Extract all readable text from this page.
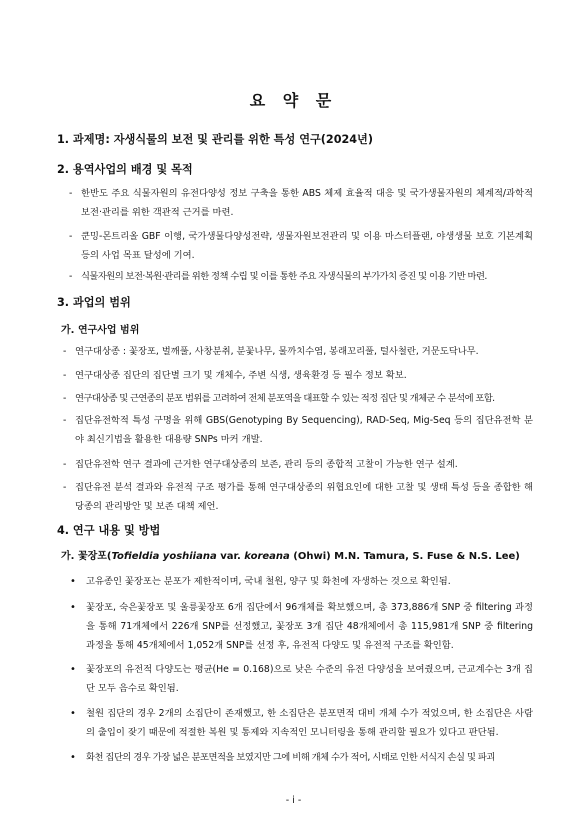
요 약 문
1. 과제명: 자생식물의 보전 및 관리를 위한 특성 연구(2024년)
2. 용역사업의 배경 및 목적
- 한반도 주요 식물자원의 유전다양성 정보 구축을 통한 ABS 체제 효율적 대응 및 국가생물자원의 체계적/과학적 보전·관리를 위한 객관적 근거를 마련.
- 쿤밍-몬트리올 GBF 이행, 국가생물다양성전략, 생물자원보전관리 및 이용 마스터플랜, 야생생물 보호 기본계획 등의 사업 목표 달성에 기여.
- 식물자원의 보전·복원·관리를 위한 정책 수립 및 이를 통한 주요 자생식물의 부가가치 증진 및 이용 기반 마련.
3. 과업의 범위
가. 연구사업 범위
- 연구대상종 : 꽃장포, 벌깨풀, 사창분취, 분꽃나무, 물까치수염, 봉래꼬리풀, 털사철란, 거문도닥나무.
- 연구대상종 집단의 집단별 크기 및 개체수, 주변 식생, 생육환경 등 필수 정보 확보.
- 연구대상종 및 근연종의 분포 범위를 고려하여 전체 분포역을 대표할 수 있는 적정 집단 및 개체군 수 분석에 포함.
- 집단유전학적 특성 구명을 위해 GBS(Genotyping By Sequencing), RAD-Seq, Mig-Seq 등의 집단유전학 분야 최신기법을 활용한 대용량 SNPs 마커 개발.
- 집단유전학 연구 결과에 근거한 연구대상종의 보존, 관리 등의 종합적 고찰이 가능한 연구 설계.
- 집단유전 분석 결과와 유전적 구조 평가를 통해 연구대상종의 위협요인에 대한 고찰 및 생태 특성 등을 종합한 해당종의 관리방안 및 보존 대책 제언.
4. 연구 내용 및 방법
가. 꽃장포(Tofieldia yoshiiana var. koreana (Ohwi) M.N. Tamura, S. Fuse & N.S. Lee)
•	고유종인 꽃장포는 분포가 제한적이며, 국내 철원, 양구 및 화천에 자생하는 것으로 확인됨.
•	꽃장포, 숙은꽃장포 및 울릉꽃장포 6개 집단에서 96개체를 확보했으며, 총 373,886개 SNP 중 filtering 과정을 통해 71개체에서 226개 SNP를 선정했고, 꽃장포 3개 집단 48개체에서 총 115,981개 SNP 중 filtering 과정을 통해 45개체에서 1,052개 SNP를 선정 후, 유전적 다양도 및 유전적 구조를 확인함.
•	꽃장포의 유전적 다양도는 평균(He = 0.168)으로 낮은 수준의 유전 다양성을 보여줬으며, 근교계수는 3개 집단 모두 음수로 확인됨.
•	철원 집단의 경우 2개의 소집단이 존재했고, 한 소집단은 분포면적 대비 개체 수가 적었으며, 한 소집단은 사람의 출입이 잦기 때문에 적절한 복원 및 통제와 지속적인 모니터링을 통해 관리할 필요가 있다고 판단됨.
•	화천 집단의 경우 가장 넓은 분포면적을 보였지만 그에 비해 개체 수가 적어, 시태로 인한 서식지 손실 및 파괴
- i -
